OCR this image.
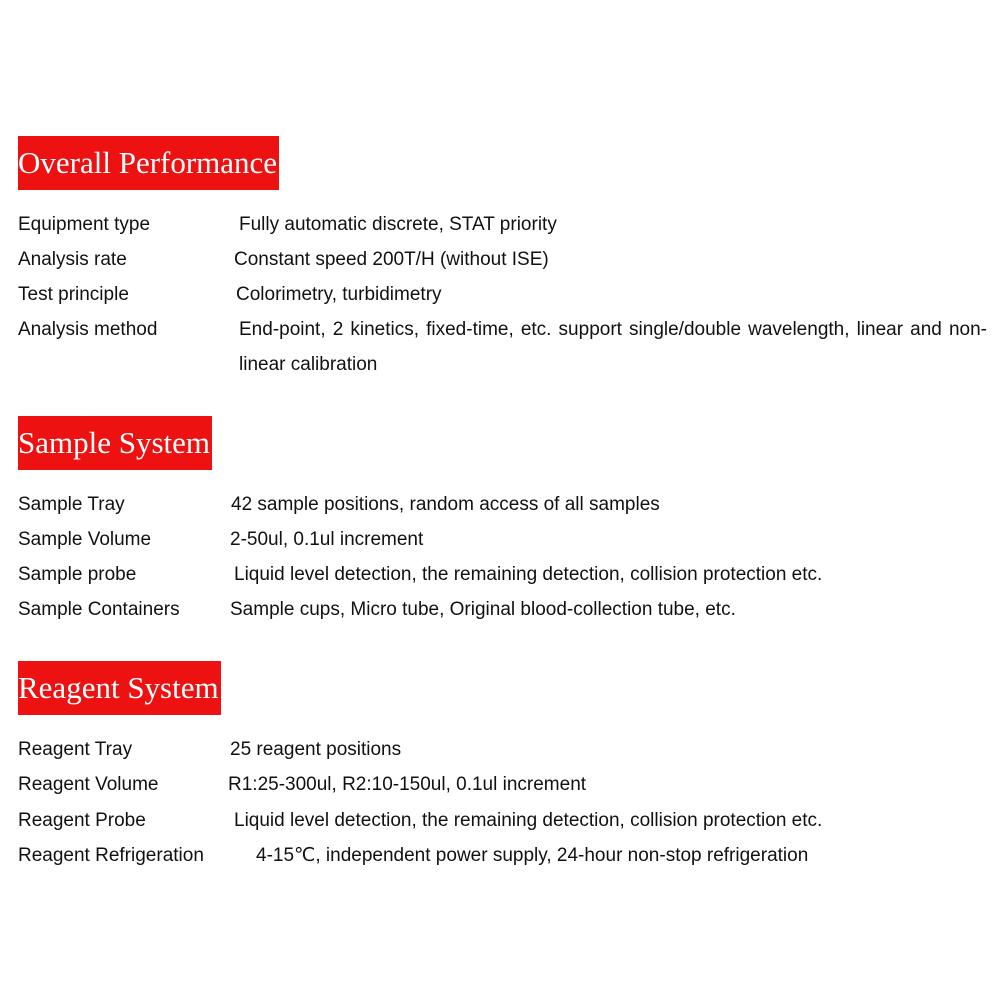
Overall Performance
Equipment type	Fully automatic discrete, STAT priority
Analysis rate	Constant speed 200T/H (without ISE)
Test principle	Colorimetry, turbidimetry
Analysis method	End-point, 2 kinetics, fixed-time, etc. support single/double wavelength, linear and non-linear calibration
Sample System
Sample Tray	42 sample positions, random access of all samples
Sample Volume	2-50ul, 0.1ul increment
Sample probe	Liquid level detection, the remaining detection, collision protection etc.
Sample Containers	Sample cups, Micro tube, Original blood-collection tube, etc.
Reagent System
Reagent Tray	25 reagent positions
Reagent Volume	R1:25-300ul, R2:10-150ul, 0.1ul increment
Reagent Probe	Liquid level detection, the remaining detection, collision protection etc.
Reagent Refrigeration	4-15℃, independent power supply, 24-hour non-stop refrigeration
